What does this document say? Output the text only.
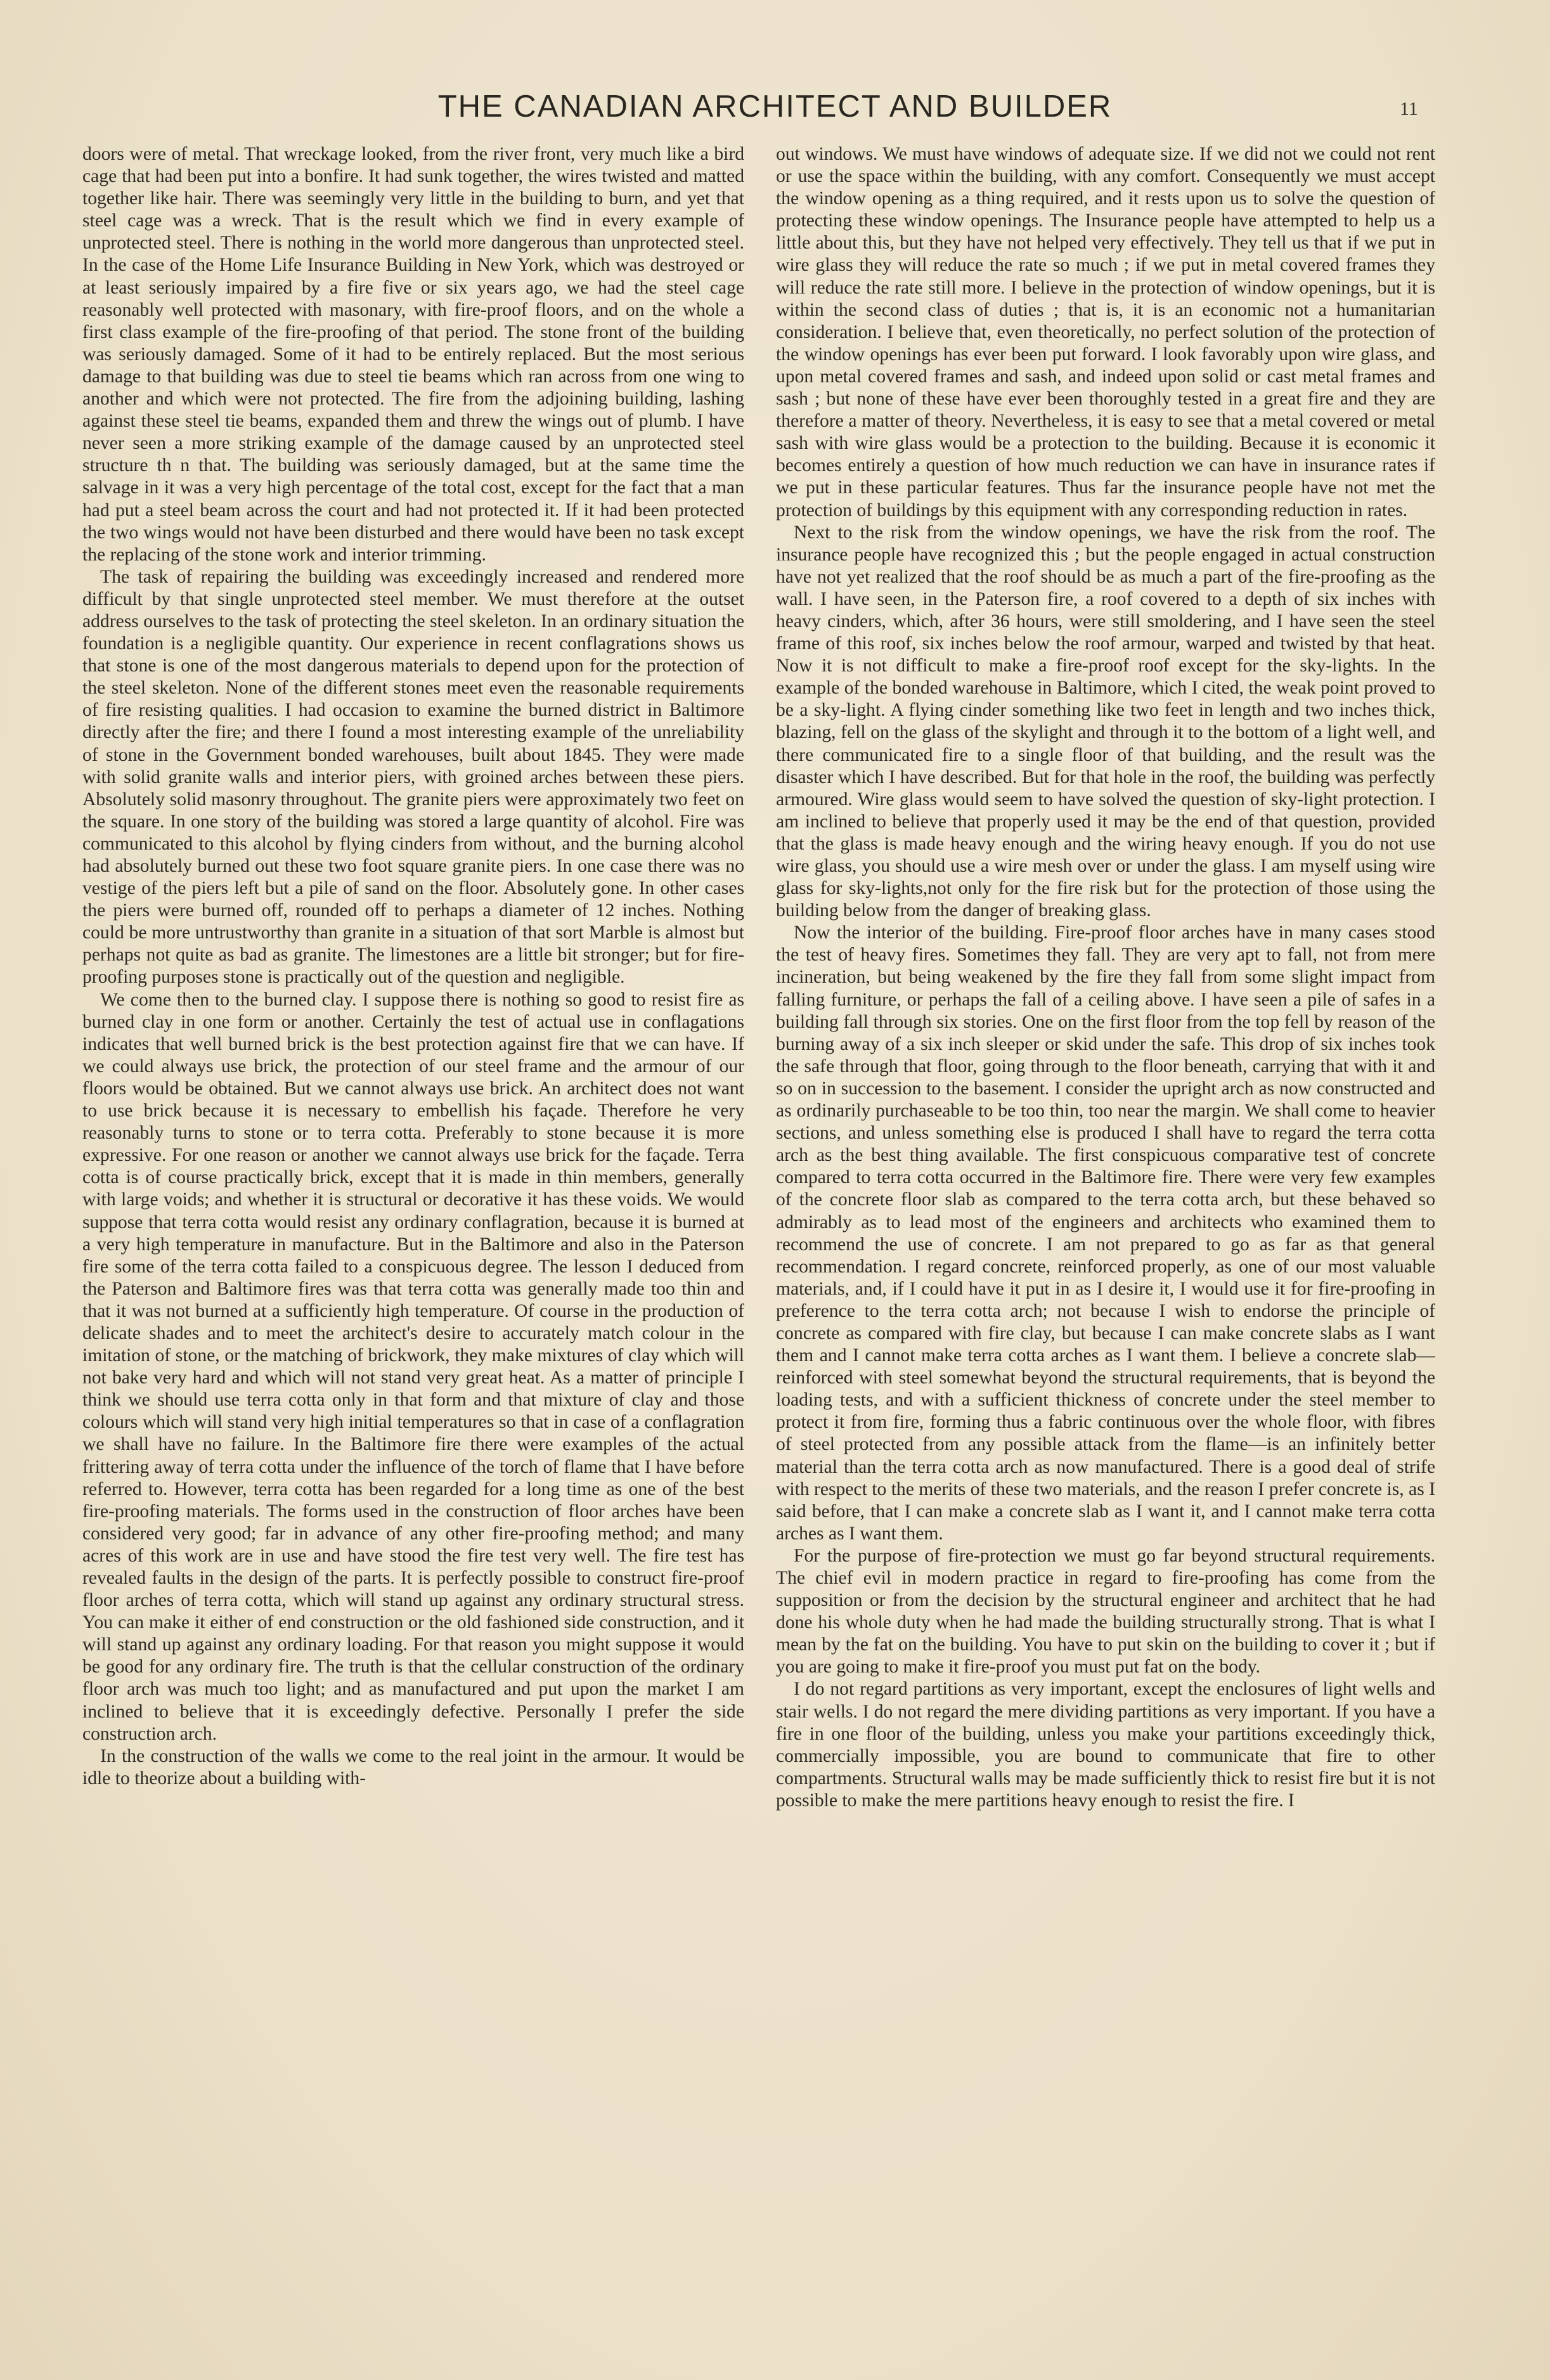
THE CANADIAN ARCHITECT AND BUILDER	11

doors were of metal. That wreckage looked, from the river front, very much like a bird cage that had been put into a bonfire. It had sunk together, the wires twisted and matted together like hair. There was seemingly very little in the building to burn, and yet that steel cage was a wreck. That is the result which we find in every example of unprotected steel. There is nothing in the world more dangerous than unprotected steel. In the case of the Home Life Insurance Building in New York, which was destroyed or at least seriously impaired by a fire five or six years ago, we had the steel cage reasonably well protected with masonary, with fire-proof floors, and on the whole a first class example of the fire-proofing of that period. The stone front of the building was seriously damaged. Some of it had to be entirely replaced. But the most serious damage to that building was due to steel tie beams which ran across from one wing to another and which were not protected. The fire from the adjoining building, lashing against these steel tie beams, expanded them and threw the wings out of plumb. I have never seen a more striking example of the damage caused by an unprotected steel structure th n that. The building was seriously damaged, but at the same time the salvage in it was a very high percentage of the total cost, except for the fact that a man had put a steel beam across the court and had not protected it. If it had been protected the two wings would not have been disturbed and there would have been no task except the replacing of the stone work and interior trimming.

The task of repairing the building was exceedingly increased and rendered more difficult by that single unprotected steel member. We must therefore at the outset address ourselves to the task of protecting the steel skeleton. In an ordinary situation the foundation is a negligible quantity. Our experience in recent conflagrations shows us that stone is one of the most dangerous materials to depend upon for the protection of the steel skeleton. None of the different stones meet even the reasonable requirements of fire resisting qualities. I had occasion to examine the burned district in Baltimore directly after the fire; and there I found a most interesting example of the unreliability of stone in the Government bonded warehouses, built about 1845. They were made with solid granite walls and interior piers, with groined arches between these piers. Absolutely solid masonry throughout. The granite piers were approximately two feet on the square. In one story of the building was stored a large quantity of alcohol. Fire was communicated to this alcohol by flying cinders from without, and the burning alcohol had absolutely burned out these two foot square granite piers. In one case there was no vestige of the piers left but a pile of sand on the floor. Absolutely gone. In other cases the piers were burned off, rounded off to perhaps a diameter of 12 inches. Nothing could be more untrustworthy than granite in a situation of that sort Marble is almost but perhaps not quite as bad as granite. The limestones are a little bit stronger; but for fire-proofing purposes stone is practically out of the question and negligible.

We come then to the burned clay. I suppose there is nothing so good to resist fire as burned clay in one form or another. Certainly the test of actual use in conflagations indicates that well burned brick is the best protection against fire that we can have. If we could always use brick, the protection of our steel frame and the armour of our floors would be obtained. But we cannot always use brick. An architect does not want to use brick because it is necessary to embellish his façade. Therefore he very reasonably turns to stone or to terra cotta. Preferably to stone because it is more expressive. For one reason or another we cannot always use brick for the façade. Terra cotta is of course practically brick, except that it is made in thin members, generally with large voids; and whether it is structural or decorative it has these voids. We would suppose that terra cotta would resist any ordinary conflagration, because it is burned at a very high temperature in manufacture. But in the Baltimore and also in the Paterson fire some of the terra cotta failed to a conspicuous degree. The lesson I deduced from the Paterson and Baltimore fires was that terra cotta was generally made too thin and that it was not burned at a sufficiently high temperature. Of course in the production of delicate shades and to meet the architect's desire to accurately match colour in the imitation of stone, or the matching of brickwork, they make mixtures of clay which will not bake very hard and which will not stand very great heat. As a matter of principle I think we should use terra cotta only in that form and that mixture of clay and those colours which will stand very high initial temperatures so that in case of a conflagration we shall have no failure. In the Baltimore fire there were examples of the actual frittering away of terra cotta under the influence of the torch of flame that I have before referred to. However, terra cotta has been regarded for a long time as one of the best fire-proofing materials. The forms used in the construction of floor arches have been considered very good; far in advance of any other fire-proofing method; and many acres of this work are in use and have stood the fire test very well. The fire test has revealed faults in the design of the parts. It is perfectly possible to construct fire-proof floor arches of terra cotta, which will stand up against any ordinary structural stress. You can make it either of end construction or the old fashioned side construction, and it will stand up against any ordinary loading. For that reason you might suppose it would be good for any ordinary fire. The truth is that the cellular construction of the ordinary floor arch was much too light; and as manufactured and put upon the market I am inclined to believe that it is exceedingly defective. Personally I prefer the side construction arch.

In the construction of the walls we come to the real joint in the armour. It would be idle to theorize about a building with-

out windows. We must have windows of adequate size. If we did not we could not rent or use the space within the building, with any comfort. Consequently we must accept the window opening as a thing required, and it rests upon us to solve the question of protecting these window openings. The Insurance people have attempted to help us a little about this, but they have not helped very effectively. They tell us that if we put in wire glass they will reduce the rate so much ; if we put in metal covered frames they will reduce the rate still more. I believe in the protection of window openings, but it is within the second class of duties ; that is, it is an economic not a humanitarian consideration. I believe that, even theoretically, no perfect solution of the protection of the window openings has ever been put forward. I look favorably upon wire glass, and upon metal covered frames and sash, and indeed upon solid or cast metal frames and sash ; but none of these have ever been thoroughly tested in a great fire and they are therefore a matter of theory. Nevertheless, it is easy to see that a metal covered or metal sash with wire glass would be a protection to the building. Because it is economic it becomes entirely a question of how much reduction we can have in insurance rates if we put in these particular features. Thus far the insurance people have not met the protection of buildings by this equipment with any corresponding reduction in rates.

Next to the risk from the window openings, we have the risk from the roof. The insurance people have recognized this ; but the people engaged in actual construction have not yet realized that the roof should be as much a part of the fire-proofing as the wall. I have seen, in the Paterson fire, a roof covered to a depth of six inches with heavy cinders, which, after 36 hours, were still smoldering, and I have seen the steel frame of this roof, six inches below the roof armour, warped and twisted by that heat. Now it is not difficult to make a fire-proof roof except for the sky-lights. In the example of the bonded warehouse in Baltimore, which I cited, the weak point proved to be a sky-light. A flying cinder something like two feet in length and two inches thick, blazing, fell on the glass of the skylight and through it to the bottom of a light well, and there communicated fire to a single floor of that building, and the result was the disaster which I have described. But for that hole in the roof, the building was perfectly armoured. Wire glass would seem to have solved the question of sky-light protection. I am inclined to believe that properly used it may be the end of that question, provided that the glass is made heavy enough and the wiring heavy enough. If you do not use wire glass, you should use a wire mesh over or under the glass. I am myself using wire glass for sky-lights,not only for the fire risk but for the protection of those using the building below from the danger of breaking glass.

Now the interior of the building. Fire-proof floor arches have in many cases stood the test of heavy fires. Sometimes they fall. They are very apt to fall, not from mere incineration, but being weakened by the fire they fall from some slight impact from falling furniture, or perhaps the fall of a ceiling above. I have seen a pile of safes in a building fall through six stories. One on the first floor from the top fell by reason of the burning away of a six inch sleeper or skid under the safe. This drop of six inches took the safe through that floor, going through to the floor beneath, carrying that with it and so on in succession to the basement. I consider the upright arch as now constructed and as ordinarily purchaseable to be too thin, too near the margin. We shall come to heavier sections, and unless something else is produced I shall have to regard the terra cotta arch as the best thing available. The first conspicuous comparative test of concrete compared to terra cotta occurred in the Baltimore fire. There were very few examples of the concrete floor slab as compared to the terra cotta arch, but these behaved so admirably as to lead most of the engineers and architects who examined them to recommend the use of concrete. I am not prepared to go as far as that general recommendation. I regard concrete, reinforced properly, as one of our most valuable materials, and, if I could have it put in as I desire it, I would use it for fire-proofing in preference to the terra cotta arch; not because I wish to endorse the principle of concrete as compared with fire clay, but because I can make concrete slabs as I want them and I cannot make terra cotta arches as I want them. I believe a concrete slab—reinforced with steel somewhat beyond the structural requirements, that is beyond the loading tests, and with a sufficient thickness of concrete under the steel member to protect it from fire, forming thus a fabric continuous over the whole floor, with fibres of steel protected from any possible attack from the flame—is an infinitely better material than the terra cotta arch as now manufactured. There is a good deal of strife with respect to the merits of these two materials, and the reason I prefer concrete is, as I said before, that I can make a concrete slab as I want it, and I cannot make terra cotta arches as I want them.

For the purpose of fire-protection we must go far beyond structural requirements. The chief evil in modern practice in regard to fire-proofing has come from the supposition or from the decision by the structural engineer and architect that he had done his whole duty when he had made the building structurally strong. That is what I mean by the fat on the building. You have to put skin on the building to cover it ; but if you are going to make it fire-proof you must put fat on the body.

I do not regard partitions as very important, except the enclosures of light wells and stair wells. I do not regard the mere dividing partitions as very important. If you have a fire in one floor of the building, unless you make your partitions exceedingly thick, commercially impossible, you are bound to communicate that fire to other compartments. Structural walls may be made sufficiently thick to resist fire but it is not possible to make the mere partitions heavy enough to resist the fire. I
